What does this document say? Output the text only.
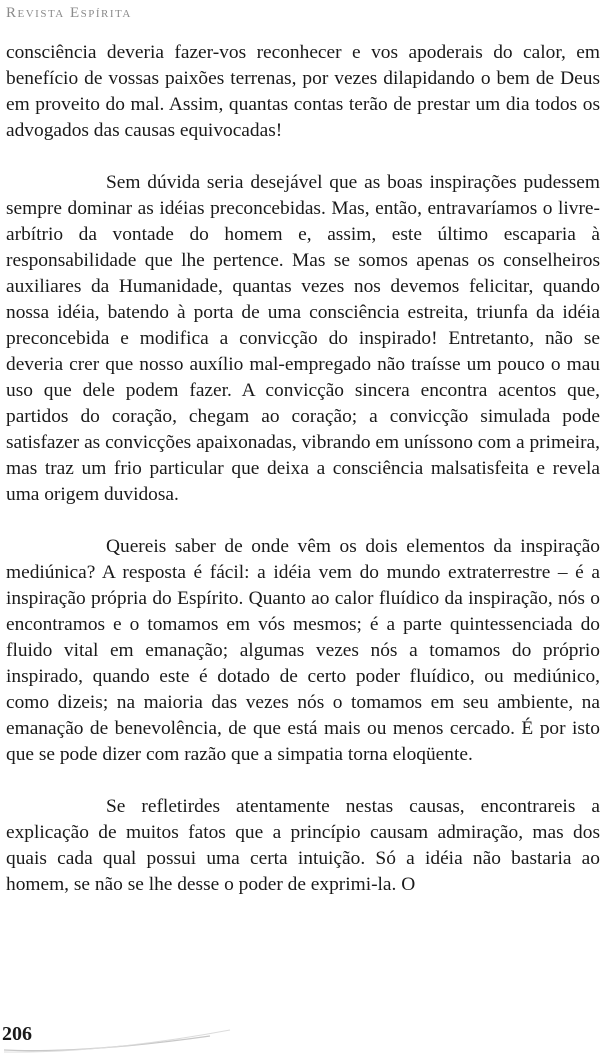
Revista Espírita

consciência deveria fazer-vos reconhecer e vos apoderais do calor, em benefício de vossas paixões terrenas, por vezes dilapidando o bem de Deus em proveito do mal. Assim, quantas contas terão de prestar um dia todos os advogados das causas equivocadas!

Sem dúvida seria desejável que as boas inspirações pudessem sempre dominar as idéias preconcebidas. Mas, então, entravaríamos o livre-arbítrio da vontade do homem e, assim, este último escaparia à responsabilidade que lhe pertence. Mas se somos apenas os conselheiros auxiliares da Humanidade, quantas vezes nos devemos felicitar, quando nossa idéia, batendo à porta de uma consciência estreita, triunfa da idéia preconcebida e modifica a convicção do inspirado! Entretanto, não se deveria crer que nosso auxílio mal-empregado não traísse um pouco o mau uso que dele podem fazer. A convicção sincera encontra acentos que, partidos do coração, chegam ao coração; a convicção simulada pode satisfazer as convicções apaixonadas, vibrando em uníssono com a primeira, mas traz um frio particular que deixa a consciência malsatisfeita e revela uma origem duvidosa.

Quereis saber de onde vêm os dois elementos da inspiração mediúnica? A resposta é fácil: a idéia vem do mundo extraterrestre – é a inspiração própria do Espírito. Quanto ao calor fluídico da inspiração, nós o encontramos e o tomamos em vós mesmos; é a parte quintessenciada do fluido vital em emanação; algumas vezes nós a tomamos do próprio inspirado, quando este é dotado de certo poder fluídico, ou mediúnico, como dizeis; na maioria das vezes nós o tomamos em seu ambiente, na emanação de benevolência, de que está mais ou menos cercado. É por isto que se pode dizer com razão que a simpatia torna eloqüente.

Se refletirdes atentamente nestas causas, encontrareis a explicação de muitos fatos que a princípio causam admiração, mas dos quais cada qual possui uma certa intuição. Só a idéia não bastaria ao homem, se não se lhe desse o poder de exprimi-la. O

206
